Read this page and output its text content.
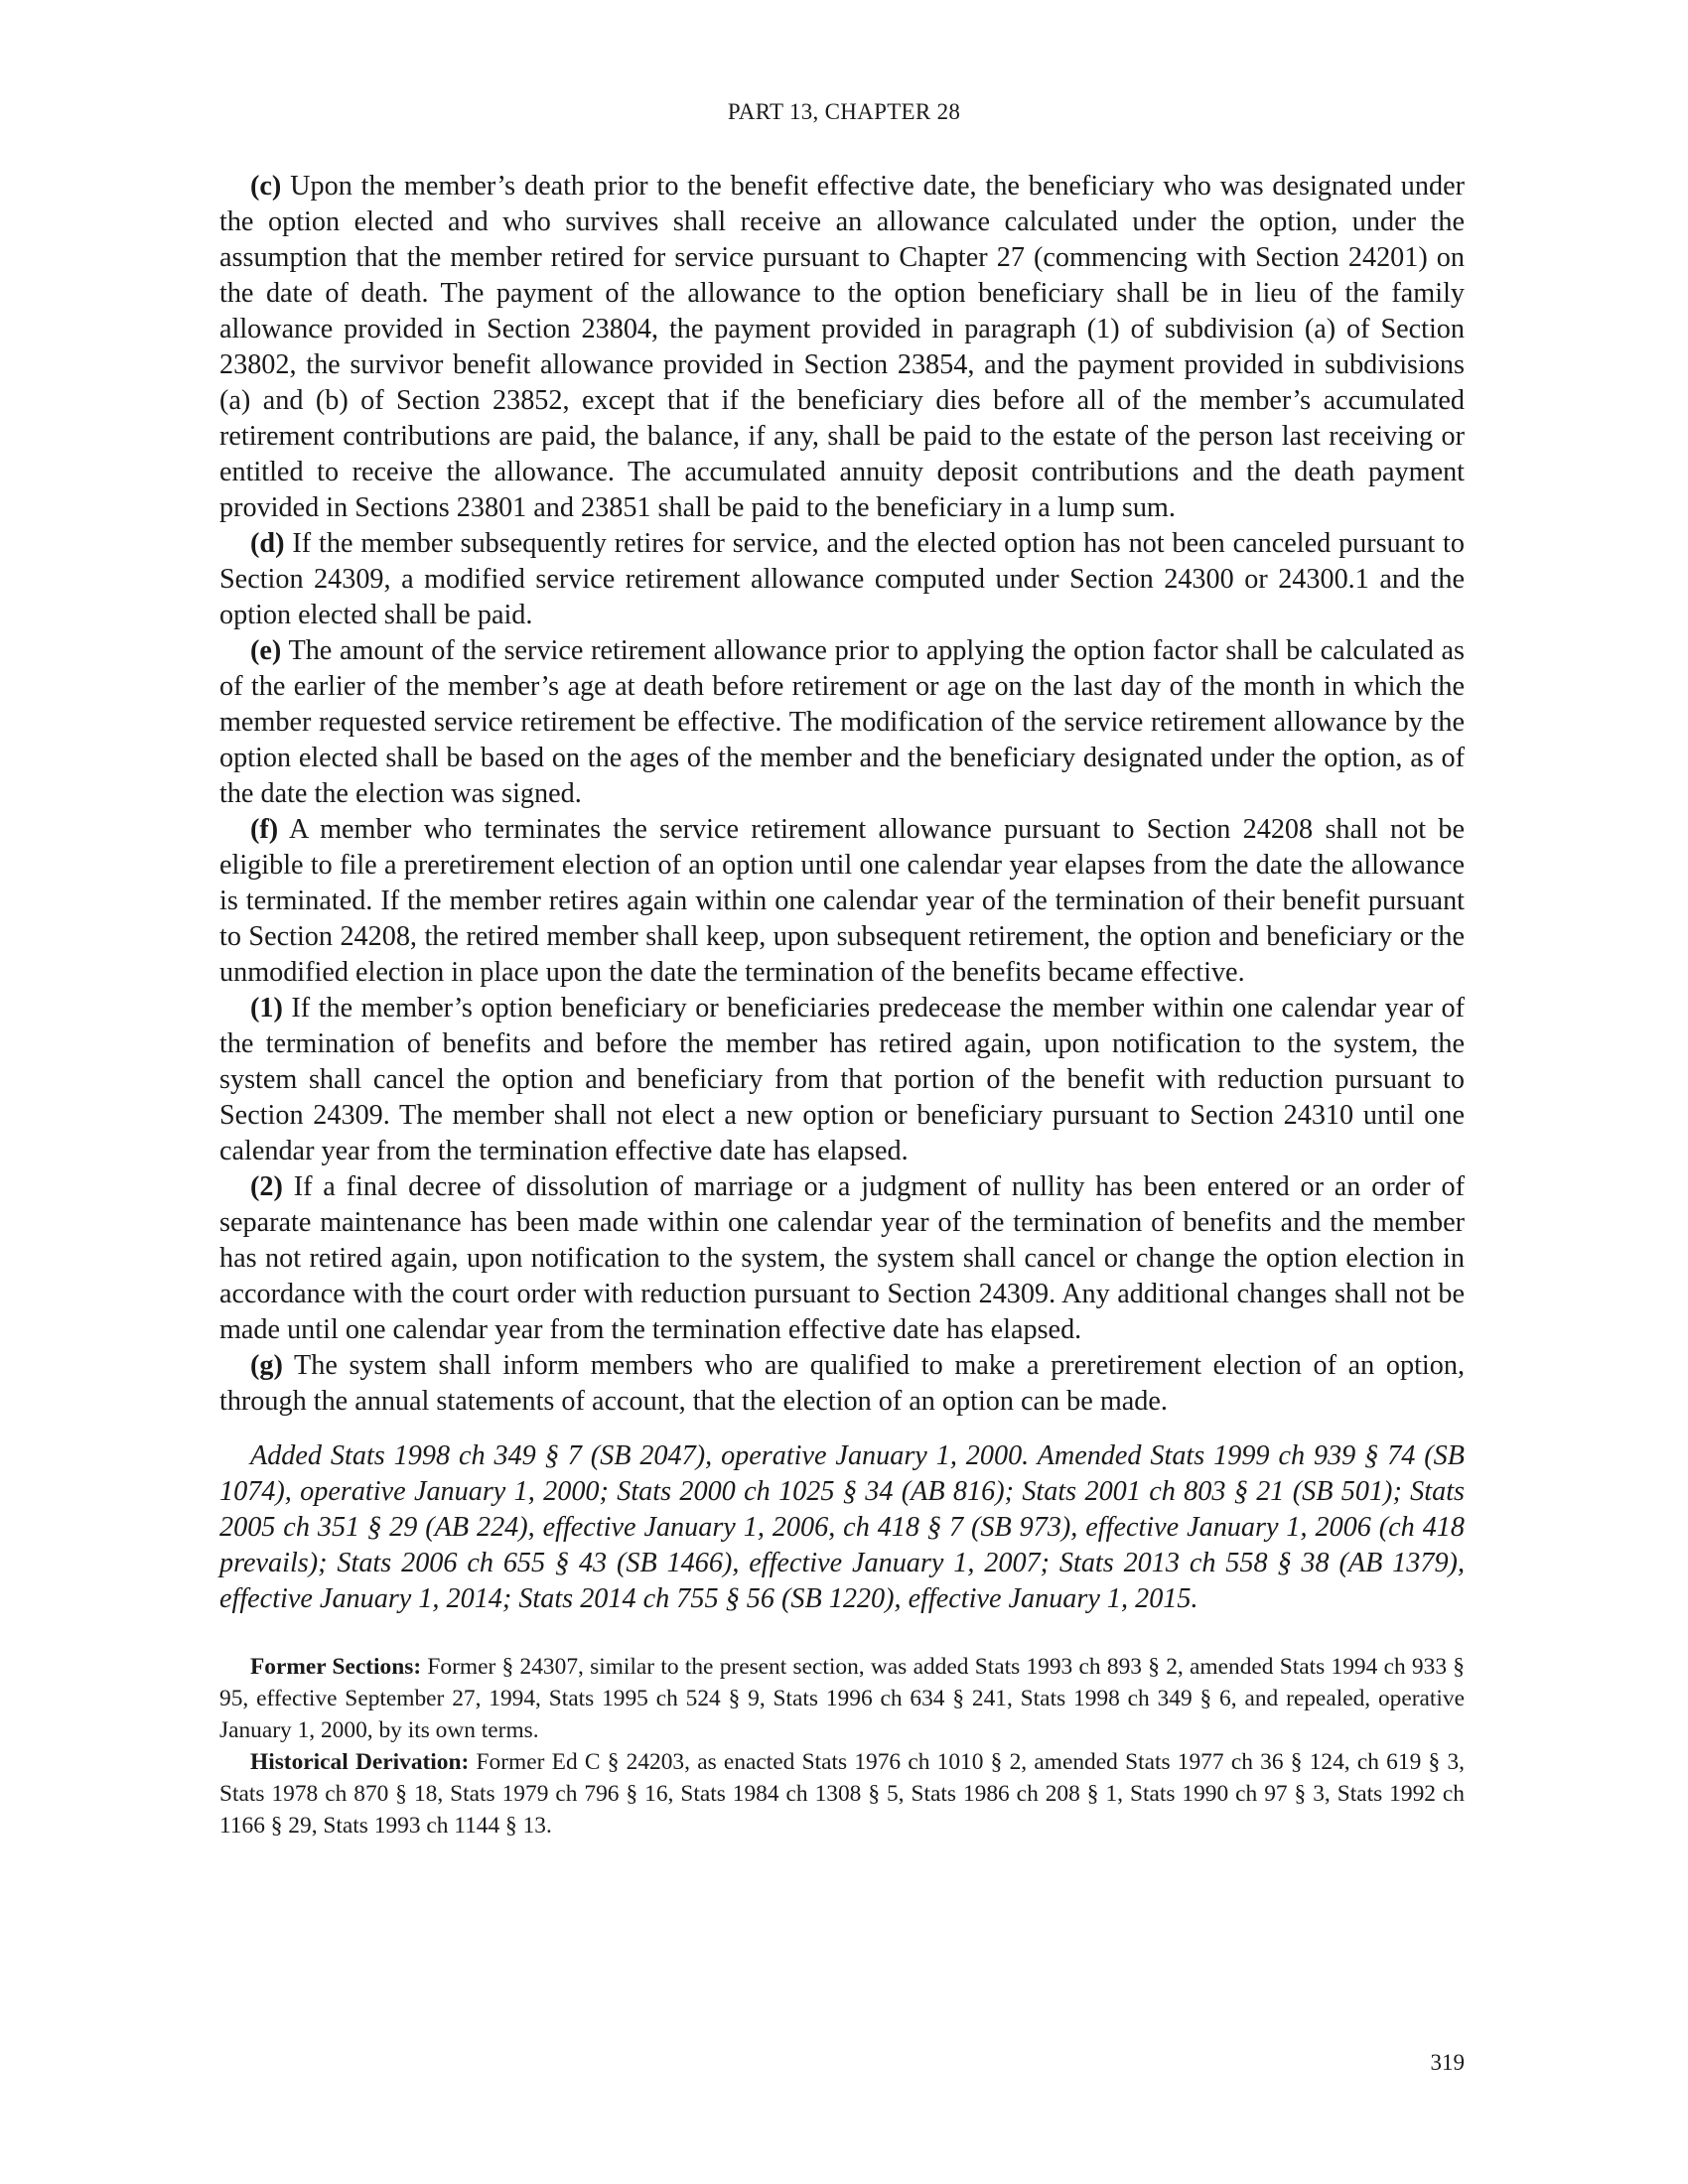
PART 13, CHAPTER 28

(c) Upon the member’s death prior to the benefit effective date, the beneficiary who was designated under the option elected and who survives shall receive an allowance calculated under the option, under the assumption that the member retired for service pursuant to Chapter 27 (commencing with Section 24201) on the date of death. The payment of the allowance to the option beneficiary shall be in lieu of the family allowance provided in Section 23804, the payment provided in paragraph (1) of subdivision (a) of Section 23802, the survivor benefit allowance provided in Section 23854, and the payment provided in subdivisions (a) and (b) of Section 23852, except that if the beneficiary dies before all of the member’s accumulated retirement contributions are paid, the balance, if any, shall be paid to the estate of the person last receiving or entitled to receive the allowance. The accumulated annuity deposit contributions and the death payment provided in Sections 23801 and 23851 shall be paid to the beneficiary in a lump sum.

(d) If the member subsequently retires for service, and the elected option has not been canceled pursuant to Section 24309, a modified service retirement allowance computed under Section 24300 or 24300.1 and the option elected shall be paid.

(e) The amount of the service retirement allowance prior to applying the option factor shall be calculated as of the earlier of the member’s age at death before retirement or age on the last day of the month in which the member requested service retirement be effective. The modification of the service retirement allowance by the option elected shall be based on the ages of the member and the beneficiary designated under the option, as of the date the election was signed.

(f) A member who terminates the service retirement allowance pursuant to Section 24208 shall not be eligible to file a preretirement election of an option until one calendar year elapses from the date the allowance is terminated. If the member retires again within one calendar year of the termination of their benefit pursuant to Section 24208, the retired member shall keep, upon subsequent retirement, the option and beneficiary or the unmodified election in place upon the date the termination of the benefits became effective.

(1) If the member’s option beneficiary or beneficiaries predecease the member within one calendar year of the termination of benefits and before the member has retired again, upon notification to the system, the system shall cancel the option and beneficiary from that portion of the benefit with reduction pursuant to Section 24309. The member shall not elect a new option or beneficiary pursuant to Section 24310 until one calendar year from the termination effective date has elapsed.

(2) If a final decree of dissolution of marriage or a judgment of nullity has been entered or an order of separate maintenance has been made within one calendar year of the termination of benefits and the member has not retired again, upon notification to the system, the system shall cancel or change the option election in accordance with the court order with reduction pursuant to Section 24309. Any additional changes shall not be made until one calendar year from the termination effective date has elapsed.

(g) The system shall inform members who are qualified to make a preretirement election of an option, through the annual statements of account, that the election of an option can be made.

Added Stats 1998 ch 349 § 7 (SB 2047), operative January 1, 2000. Amended Stats 1999 ch 939 § 74 (SB 1074), operative January 1, 2000; Stats 2000 ch 1025 § 34 (AB 816); Stats 2001 ch 803 § 21 (SB 501); Stats 2005 ch 351 § 29 (AB 224), effective January 1, 2006, ch 418 § 7 (SB 973), effective January 1, 2006 (ch 418 prevails); Stats 2006 ch 655 § 43 (SB 1466), effective January 1, 2007; Stats 2013 ch 558 § 38 (AB 1379), effective January 1, 2014; Stats 2014 ch 755 § 56 (SB 1220), effective January 1, 2015.

Former Sections: Former § 24307, similar to the present section, was added Stats 1993 ch 893 § 2, amended Stats 1994 ch 933 § 95, effective September 27, 1994, Stats 1995 ch 524 § 9, Stats 1996 ch 634 § 241, Stats 1998 ch 349 § 6, and repealed, operative January 1, 2000, by its own terms.

Historical Derivation: Former Ed C § 24203, as enacted Stats 1976 ch 1010 § 2, amended Stats 1977 ch 36 § 124, ch 619 § 3, Stats 1978 ch 870 § 18, Stats 1979 ch 796 § 16, Stats 1984 ch 1308 § 5, Stats 1986 ch 208 § 1, Stats 1990 ch 97 § 3, Stats 1992 ch 1166 § 29, Stats 1993 ch 1144 § 13.

319
